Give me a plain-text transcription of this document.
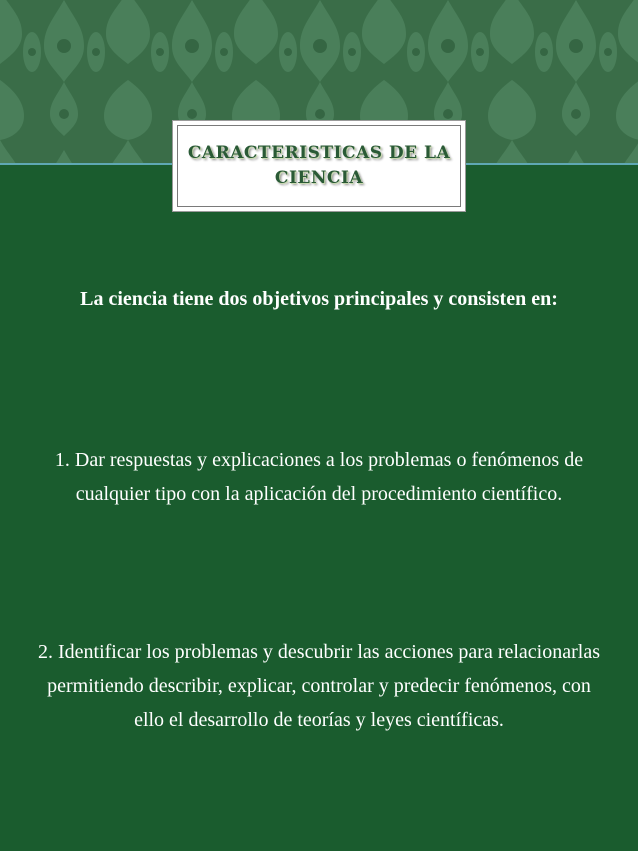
CARACTERISTICAS DE LA CIENCIA
La ciencia tiene dos objetivos principales y consisten en:
1. Dar respuestas y explicaciones a los problemas o fenómenos de cualquier tipo con la aplicación del procedimiento científico.
2. Identificar los problemas y descubrir las acciones para relacionarlas permitiendo describir, explicar, controlar y predecir fenómenos, con ello el desarrollo de teorías y leyes científicas.
